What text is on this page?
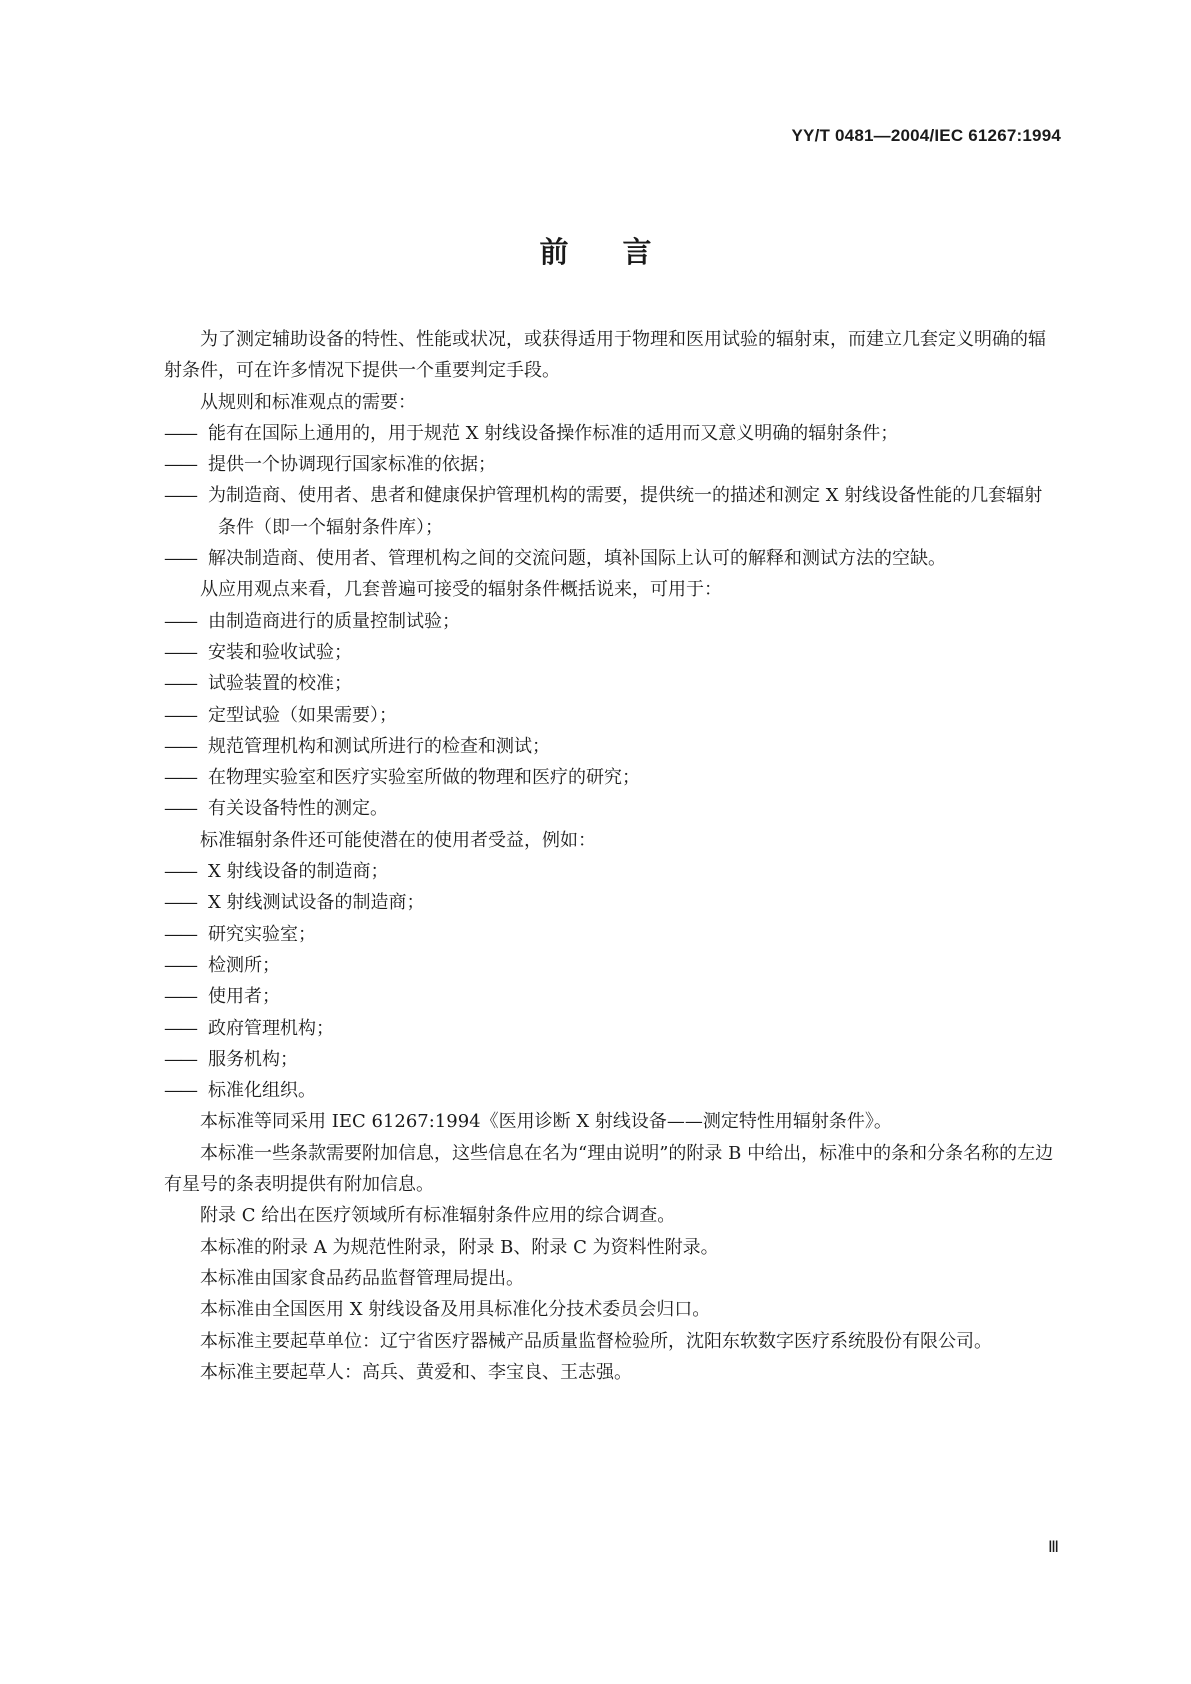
YY/T 0481—2004/IEC 61267:1994
前言

为了测定辅助设备的特性、性能或状况，或获得适用于物理和医用试验的辐射束，而建立几套定义明确的辐射条件，可在许多情况下提供一个重要判定手段。

从规则和标准观点的需要：

—— 能有在国际上通用的，用于规范 X 射线设备操作标准的适用而又意义明确的辐射条件；

—— 提供一个协调现行国家标准的依据；

—— 为制造商、使用者、患者和健康保护管理机构的需要，提供统一的描述和测定 X 射线设备性能的几套辐射条件（即一个辐射条件库）；

—— 解决制造商、使用者、管理机构之间的交流问题，填补国际上认可的解释和测试方法的空缺。

从应用观点来看，几套普遍可接受的辐射条件概括说来，可用于：

—— 由制造商进行的质量控制试验；

—— 安装和验收试验；

—— 试验装置的校准；

—— 定型试验（如果需要）；

—— 规范管理机构和测试所进行的检查和测试；

—— 在物理实验室和医疗实验室所做的物理和医疗的研究；

—— 有关设备特性的测定。

标准辐射条件还可能使潜在的使用者受益，例如：

—— X 射线设备的制造商；

—— X 射线测试设备的制造商；

—— 研究实验室；

—— 检测所；

—— 使用者；

—— 政府管理机构；

—— 服务机构；

—— 标准化组织。

本标准等同采用 IEC 61267:1994《医用诊断 X 射线设备——测定特性用辐射条件》。

本标准一些条款需要附加信息，这些信息在名为“理由说明”的附录 B 中给出，标准中的条和分条名称的左边有星号的条表明提供有附加信息。

附录 C 给出在医疗领域所有标准辐射条件应用的综合调查。

本标准的附录 A 为规范性附录，附录 B、附录 C 为资料性附录。

本标准由国家食品药品监督管理局提出。

本标准由全国医用 X 射线设备及用具标准化分技术委员会归口。

本标准主要起草单位：辽宁省医疗器械产品质量监督检验所，沈阳东软数字医疗系统股份有限公司。

本标准主要起草人：高兵、黄爱和、李宝良、王志强。

Ⅲ
